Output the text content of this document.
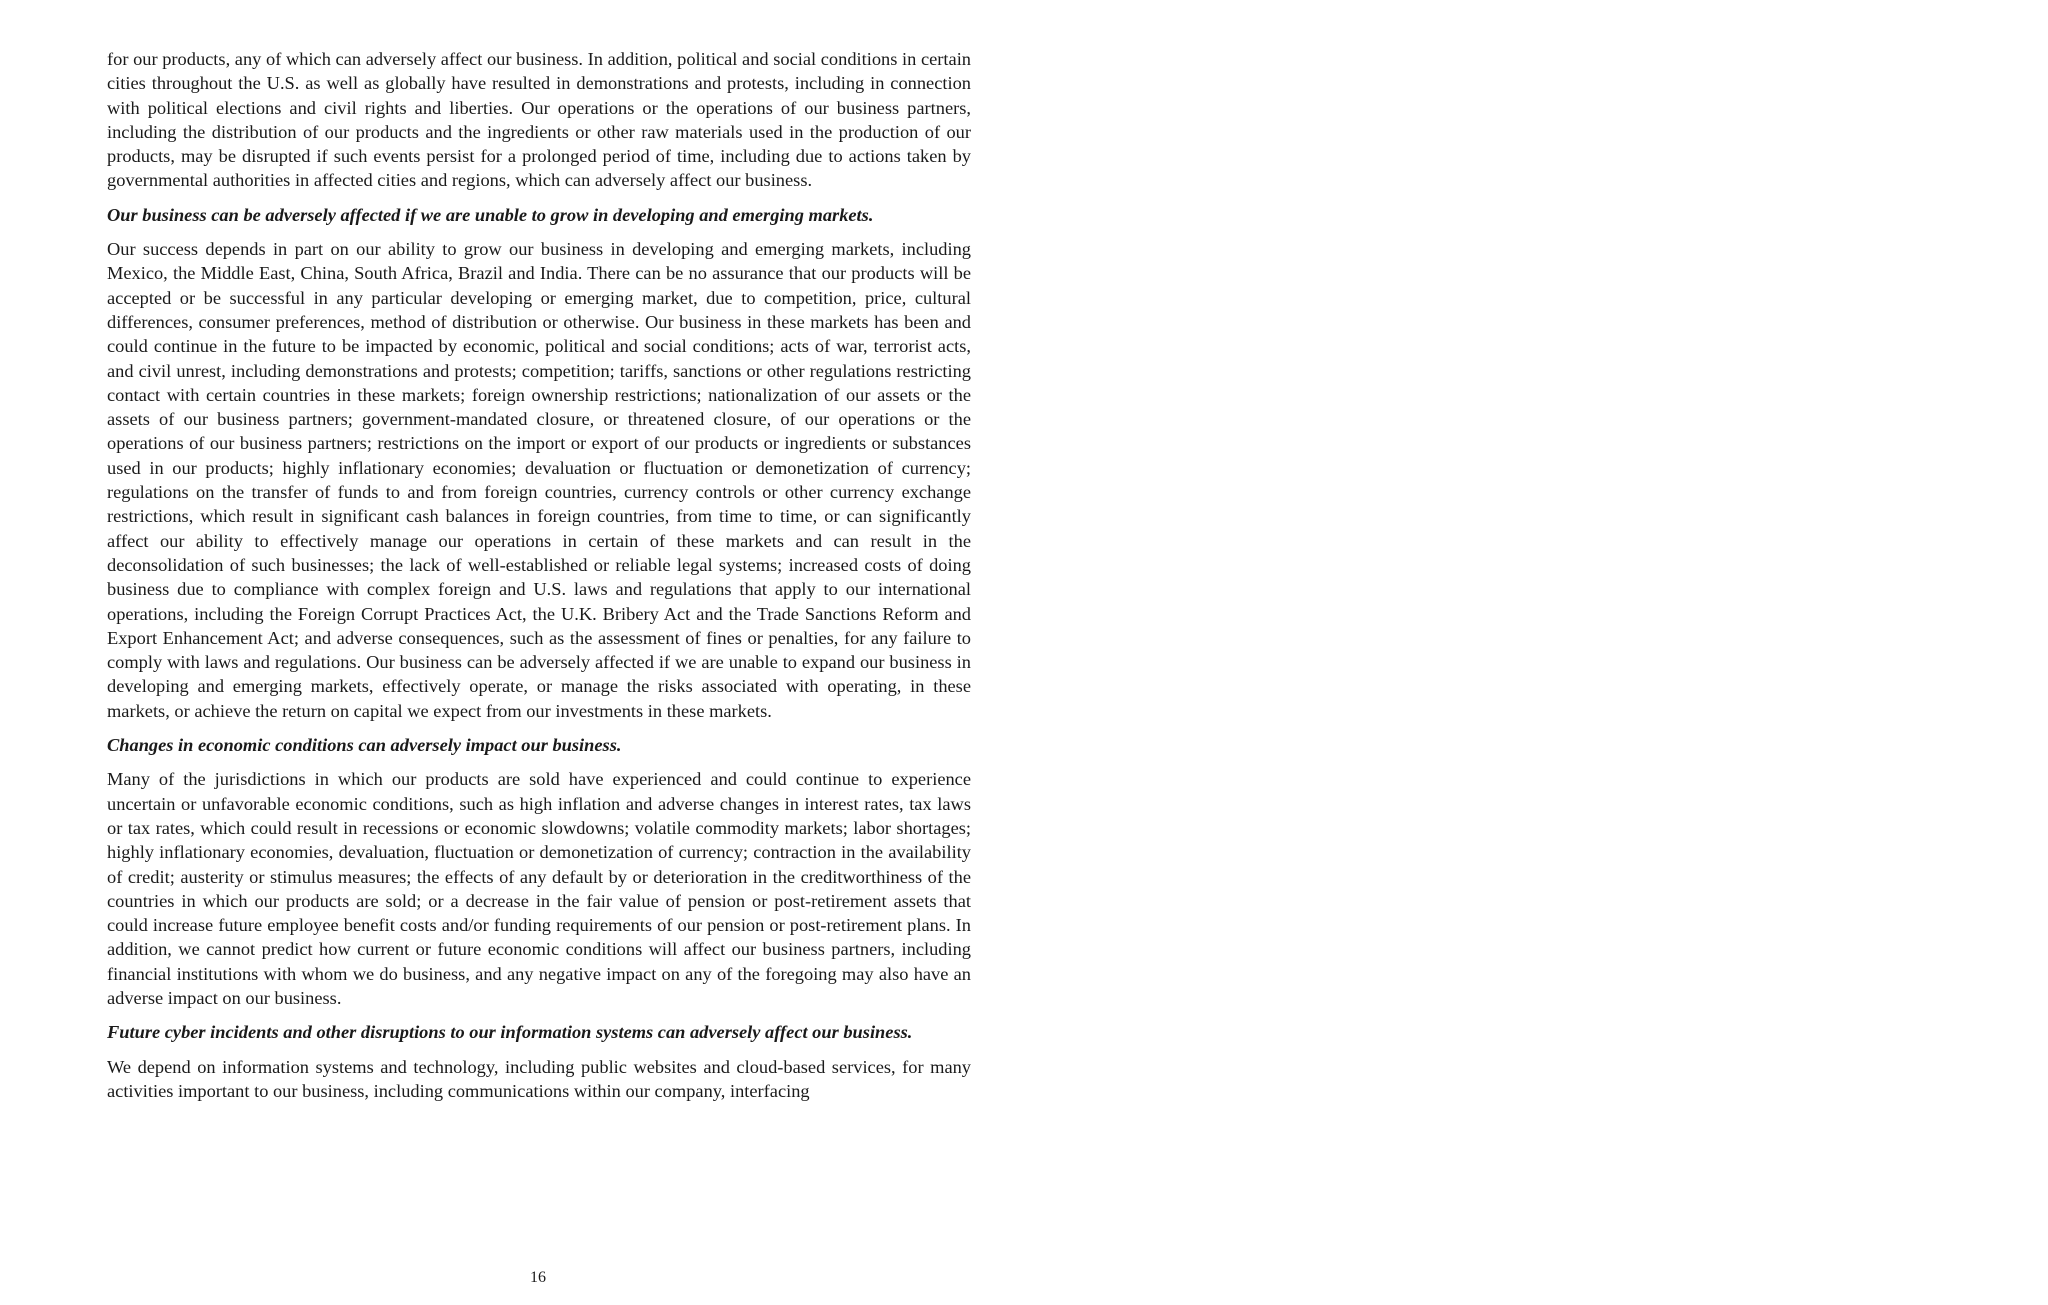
for our products, any of which can adversely affect our business. In addition, political and social conditions in certain cities throughout the U.S. as well as globally have resulted in demonstrations and protests, including in connection with political elections and civil rights and liberties. Our operations or the operations of our business partners, including the distribution of our products and the ingredients or other raw materials used in the production of our products, may be disrupted if such events persist for a prolonged period of time, including due to actions taken by governmental authorities in affected cities and regions, which can adversely affect our business.

Our business can be adversely affected if we are unable to grow in developing and emerging markets.

Our success depends in part on our ability to grow our business in developing and emerging markets, including Mexico, the Middle East, China, South Africa, Brazil and India. There can be no assurance that our products will be accepted or be successful in any particular developing or emerging market, due to competition, price, cultural differences, consumer preferences, method of distribution or otherwise. Our business in these markets has been and could continue in the future to be impacted by economic, political and social conditions; acts of war, terrorist acts, and civil unrest, including demonstrations and protests; competition; tariffs, sanctions or other regulations restricting contact with certain countries in these markets; foreign ownership restrictions; nationalization of our assets or the assets of our business partners; government-mandated closure, or threatened closure, of our operations or the operations of our business partners; restrictions on the import or export of our products or ingredients or substances used in our products; highly inflationary economies; devaluation or fluctuation or demonetization of currency; regulations on the transfer of funds to and from foreign countries, currency controls or other currency exchange restrictions, which result in significant cash balances in foreign countries, from time to time, or can significantly affect our ability to effectively manage our operations in certain of these markets and can result in the deconsolidation of such businesses; the lack of well-established or reliable legal systems; increased costs of doing business due to compliance with complex foreign and U.S. laws and regulations that apply to our international operations, including the Foreign Corrupt Practices Act, the U.K. Bribery Act and the Trade Sanctions Reform and Export Enhancement Act; and adverse consequences, such as the assessment of fines or penalties, for any failure to comply with laws and regulations. Our business can be adversely affected if we are unable to expand our business in developing and emerging markets, effectively operate, or manage the risks associated with operating, in these markets, or achieve the return on capital we expect from our investments in these markets.

Changes in economic conditions can adversely impact our business.

Many of the jurisdictions in which our products are sold have experienced and could continue to experience uncertain or unfavorable economic conditions, such as high inflation and adverse changes in interest rates, tax laws or tax rates, which could result in recessions or economic slowdowns; volatile commodity markets; labor shortages; highly inflationary economies, devaluation, fluctuation or demonetization of currency; contraction in the availability of credit; austerity or stimulus measures; the effects of any default by or deterioration in the creditworthiness of the countries in which our products are sold; or a decrease in the fair value of pension or post-retirement assets that could increase future employee benefit costs and/or funding requirements of our pension or post-retirement plans. In addition, we cannot predict how current or future economic conditions will affect our business partners, including financial institutions with whom we do business, and any negative impact on any of the foregoing may also have an adverse impact on our business.

Future cyber incidents and other disruptions to our information systems can adversely affect our business.

We depend on information systems and technology, including public websites and cloud-based services, for many activities important to our business, including communications within our company, interfacing

16
